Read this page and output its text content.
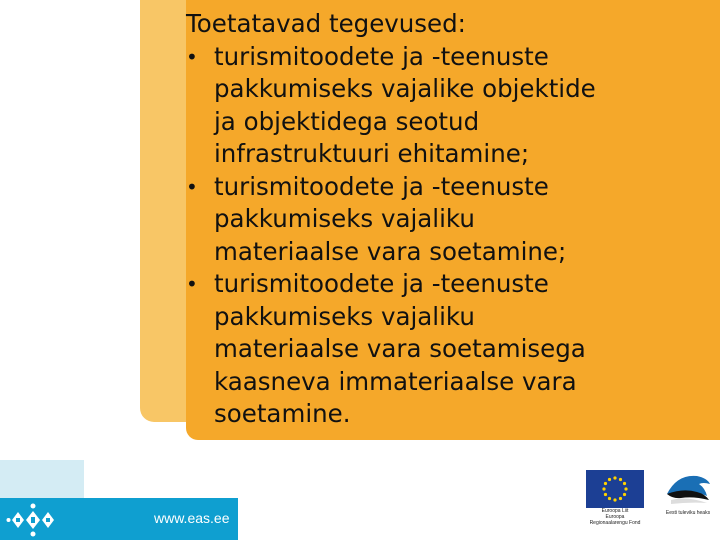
Toetatavad tegevused:
• turismitoodete ja -teenuste
pakkumiseks vajalike objektide
ja objektidega seotud
infrastruktuuri ehitamine;
• turismitoodete ja -teenuste
pakkumiseks vajaliku
materiaalse vara soetamine;
• turismitoodete ja -teenuste
pakkumiseks vajaliku
materiaalse vara soetamisega
kaasneva immateriaalse vara
soetamine.
www.eas.ee	Euroopa Liit
Euroopa
Regionaalarengu Fond
Eesti tuleviku heaks
